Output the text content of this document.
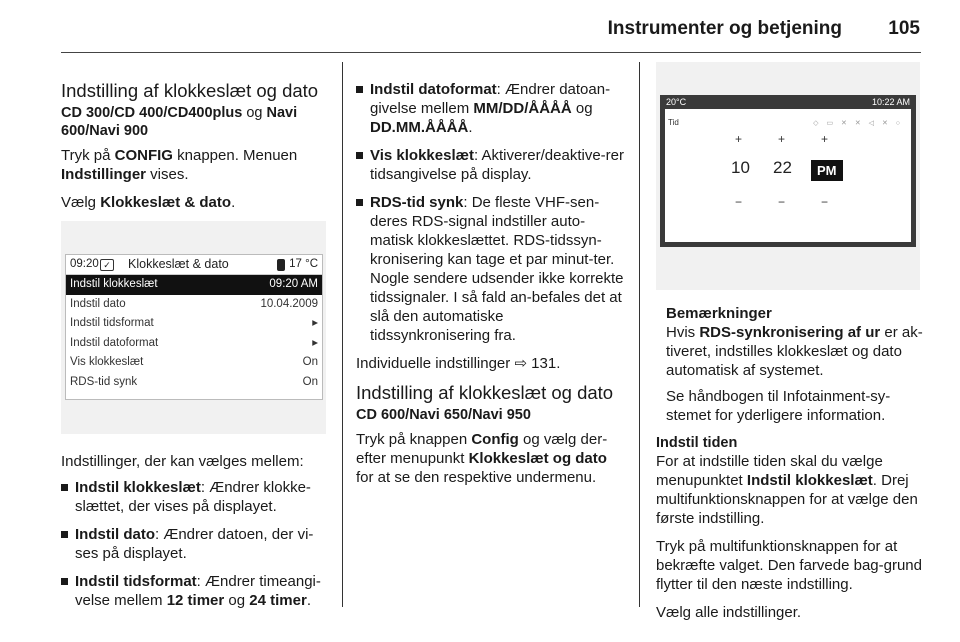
Instrumenter og betjening 105
Indstilling af klokkeslæt og dato
CD 300/CD 400/CD400plus og Navi 600/Navi 900

Tryk på CONFIG knappen. Menuen Indstillinger vises.

Vælg Klokkeslæt & dato.

09:20 ✓ Klokkeslæt & dato	17 °C
Indstil klokkeslæt	09:20 AM
Indstil dato	10.04.2009
Indstil tidsformat	▸
Indstil datoformat	▸
Vis klokkeslæt	On
RDS-tid synk	On

Indstillinger, der kan vælges mellem:

Indstil klokkeslæt: Ændrer klokke-slættet, der vises på displayet.
Indstil dato: Ændrer datoen, der vi-ses på displayet.
Indstil tidsformat: Ændrer timeangi-velse mellem 12 timer og 24 timer.
Indstil datoformat: Ændrer datoan-givelse mellem MM/DD/ÅÅÅÅ og DD.MM.ÅÅÅÅ.
Vis klokkeslæt: Aktiverer/deaktive-rer tidsangivelse på display.
RDS-tid synk: De fleste VHF-sen-deres RDS-signal indstiller auto-matisk klokkeslættet. RDS-tidssyn-kronisering kan tage et par minut-ter. Nogle sendere udsender ikke korrekte tidssignaler. I så fald an-befales det at slå den automatiske tidssynkronisering fra.

Individuelle indstillinger ⇨ 131.

Indstilling af klokkeslæt og dato
CD 600/Navi 650/Navi 950

Tryk på knappen Config og vælg der-efter menupunkt Klokkeslæt og dato for at se den respektive undermenu.

20°C	10:22 AM
Tid	◇ ▭ ✕ ✕ ◁ ✕ ○
+	+	+
10 22	PM
−	−	−
Bemærkninger

Hvis RDS-synkronisering af ur er ak-tiveret, indstilles klokkeslæt og dato automatisk af systemet.

Se håndbogen til Infotainment-sy-stemet for yderligere information.

Indstil tiden

For at indstille tiden skal du vælge menupunktet Indstil klokkeslæt. Drej multifunktionsknappen for at vælge den første indstilling.

Tryk på multifunktionsknappen for at bekræfte valget. Den farvede bag-grund flytter til den næste indstilling.

Vælg alle indstillinger.
